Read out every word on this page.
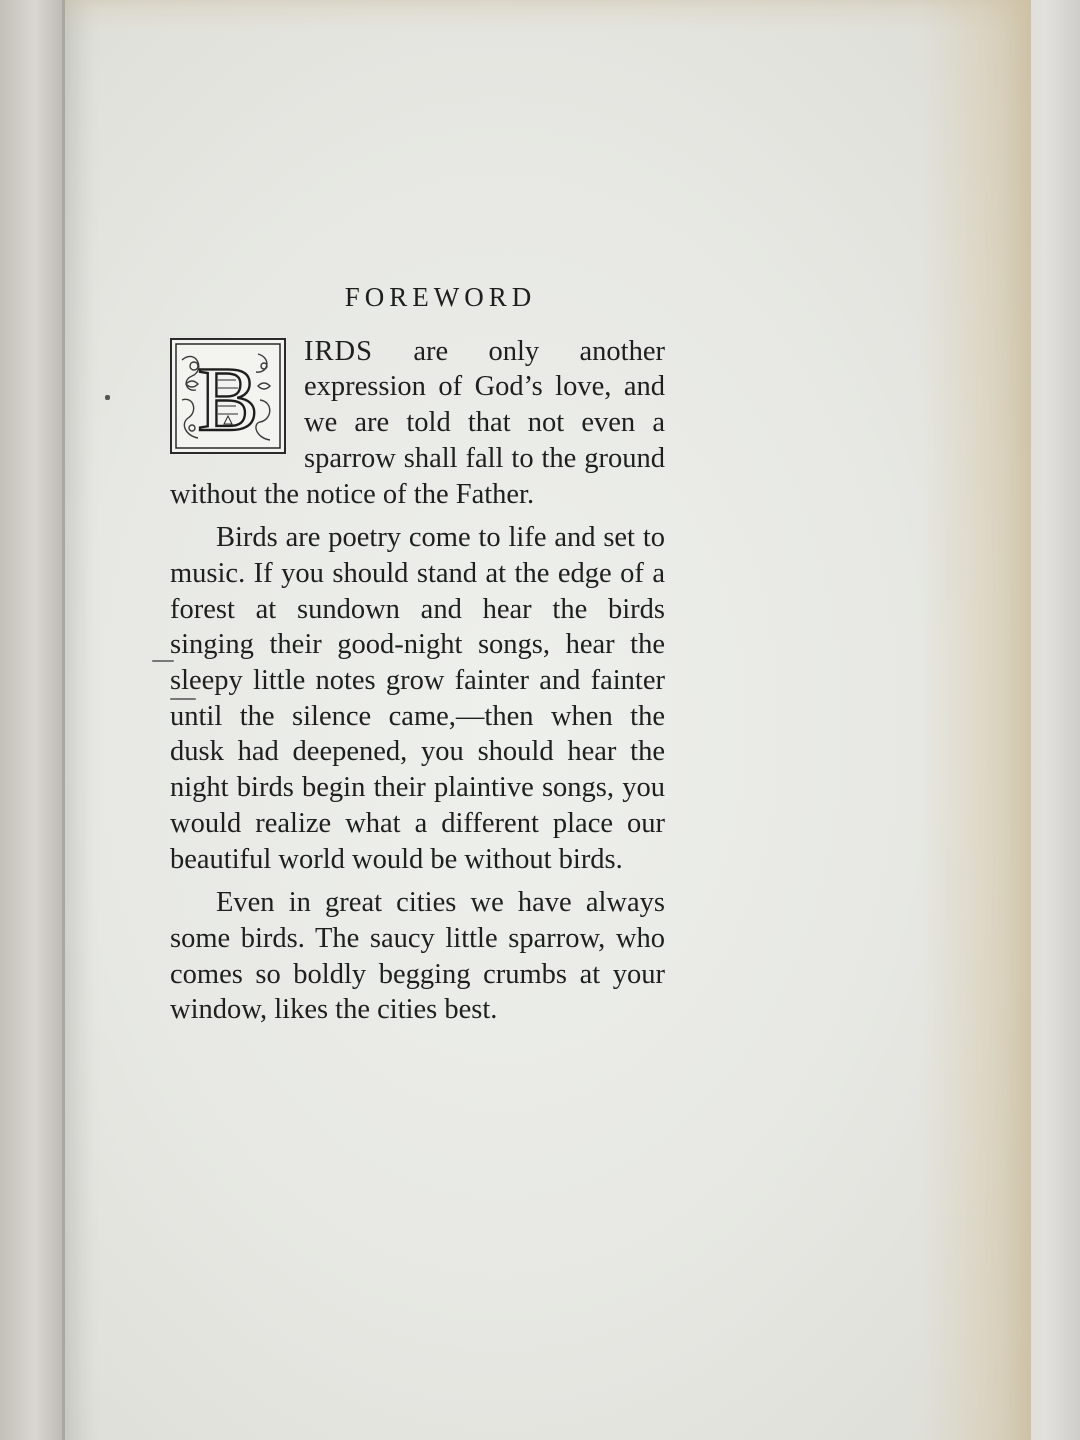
FOREWORD

B IRDS are only another expression of God’s love, and we are told that not even a sparrow shall fall to the ground without the notice of the Father.

Birds are poetry come to life and set to music. If you should stand at the edge of a forest at sundown and hear the birds singing their good-night songs, hear the sleepy little notes grow fainter and fainter until the silence came,—then when the dusk had deepened, you should hear the night birds begin their plaintive songs, you would realize what a different place our beautiful world would be without birds.

Even in great cities we have always some birds. The saucy little sparrow, who comes so boldly begging crumbs at your window, likes the cities best.
